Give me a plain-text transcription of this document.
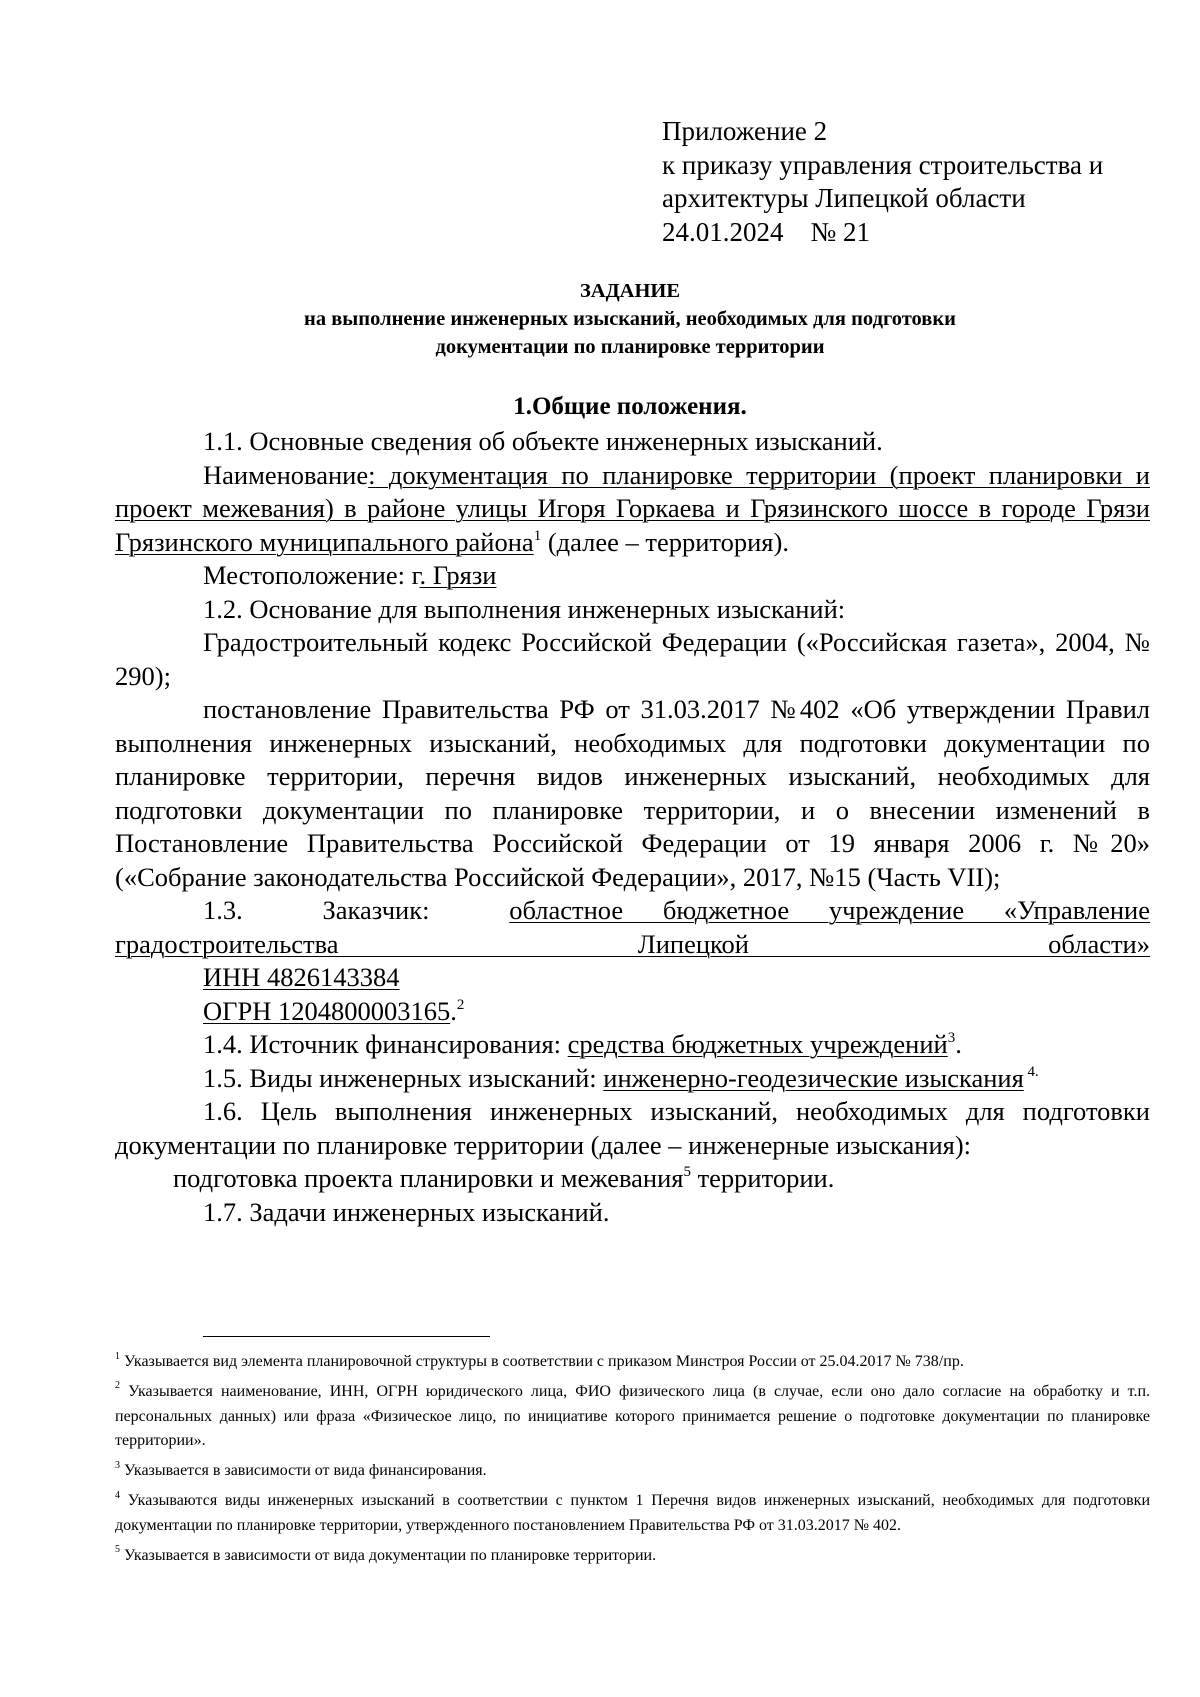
Приложение 2
к приказу управления строительства и
архитектуры Липецкой области
24.01.2024    № 21
ЗАДАНИЕ
на выполнение инженерных изысканий, необходимых для подготовки
документации по планировке территории
1.Общие положения.

1.1. Основные сведения об объекте инженерных изысканий.

Наименование: документация по планировке территории (проект планировки и проект межевания) в районе улицы Игоря Горкаева и Грязинского шоссе в городе Грязи Грязинского муниципального района$^1$ (далее – территория).

Местоположение: г. Грязи

1.2. Основание для выполнения инженерных изысканий:

Градостроительный кодекс Российской Федерации («Российская газета», 2004, № 290);

постановление Правительства РФ от 31.03.2017 №402 «Об утверждении Правил выполнения инженерных изысканий, необходимых для подготовки документации по планировке территории, перечня видов инженерных изысканий, необходимых для подготовки документации по планировке территории, и о внесении изменений в Постановление Правительства Российской Федерации от 19 января 2006 г. №20» («Собрание законодательства Российской Федерации», 2017, №15 (Часть VII);

1.3. Заказчик: областное бюджетное учреждение «Управление градостроительства Липецкой области»

ИНН 4826143384

ОГРН 1204800003165.$^2$

1.4. Источник финансирования: средства бюджетных учреждений$^3$.

1.5. Виды инженерных изысканий: инженерно-геодезические изыскания $^{4.}$

1.6. Цель выполнения инженерных изысканий, необходимых для подготовки документации по планировке территории (далее – инженерные изыскания):

подготовка проекта планировки и межевания$^5$ территории.

1.7. Задачи инженерных изысканий.

$^1$ Указывается вид элемента планировочной структуры в соответствии с приказом Минстроя России от 25.04.2017 № 738/пр.

$^2$ Указывается наименование, ИНН, ОГРН юридического лица, ФИО физического лица (в случае, если оно дало согласие на обработку и т.п. персональных данных) или фраза «Физическое лицо, по инициативе которого принимается решение о подготовке документации по планировке территории».

$^3$ Указывается в зависимости от вида финансирования.

$^4$ Указываются виды инженерных изысканий в соответствии с пунктом 1 Перечня видов инженерных изысканий, необходимых для подготовки документации по планировке территории, утвержденного постановлением Правительства РФ от 31.03.2017 № 402.

$^5$ Указывается в зависимости от вида документации по планировке территории.
